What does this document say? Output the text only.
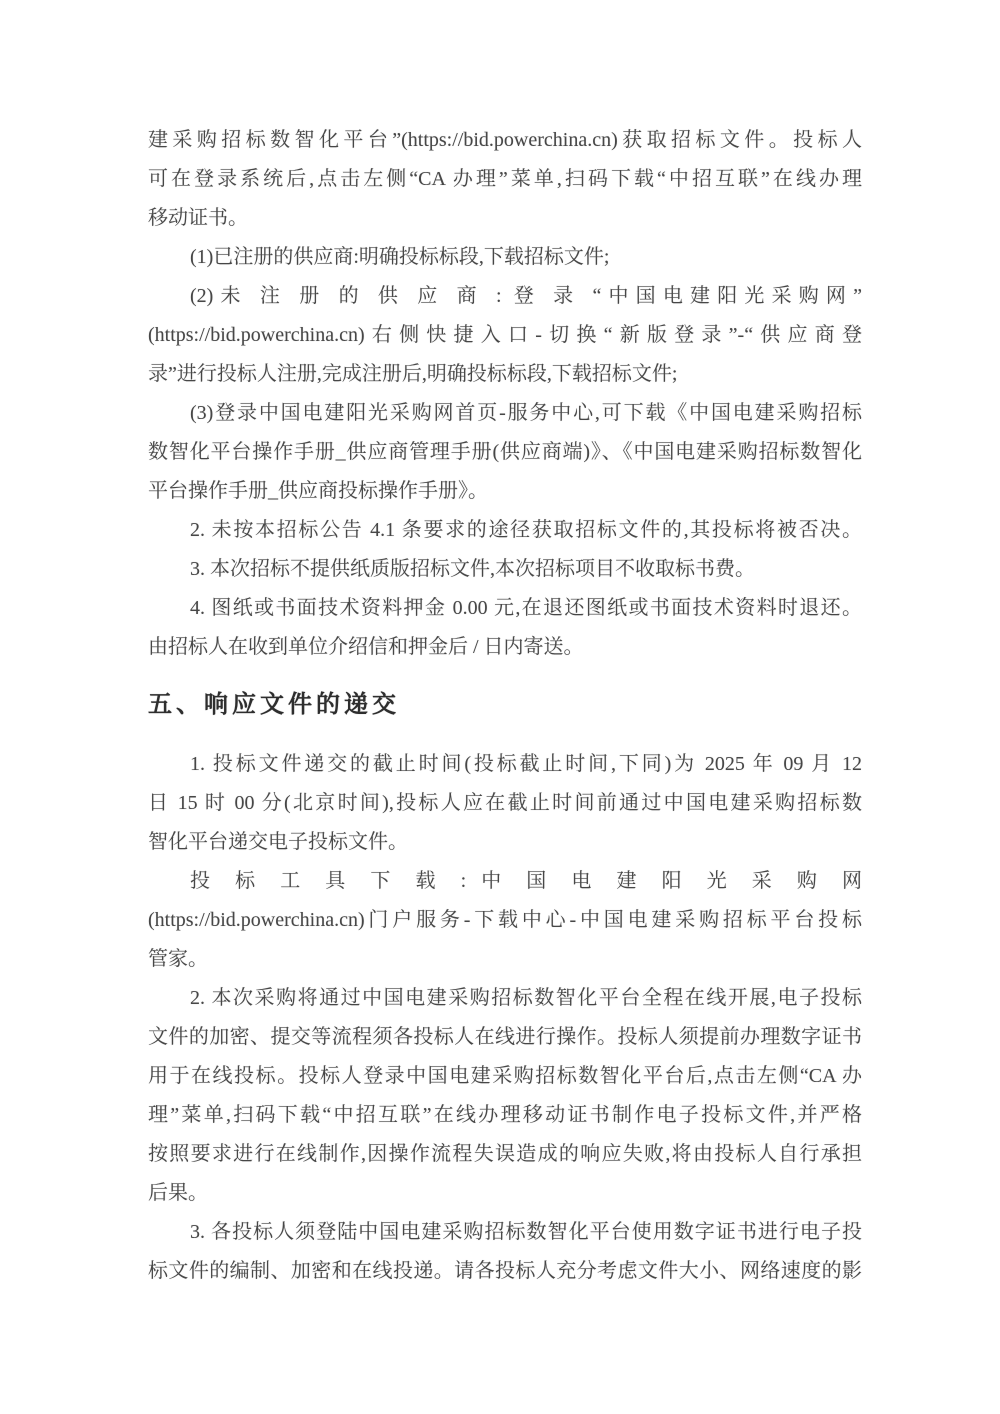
建采购招标数智化平台”(https://bid.powerchina.cn)获取招标文件。投标人
可在登录系统后,点击左侧“CA 办理”菜单,扫码下载“中招互联”在线办理
移动证书。
(1)已注册的供应商:明确投标标段,下载招标文件;
(2)未 注 册 的 供 应 商 : 登 录 “中国电建阳光采购网”
(https://bid.powerchina.cn)右侧快捷入口-切换“新版登录”-“供应商登
录”进行投标人注册,完成注册后,明确投标标段,下载招标文件;
(3)登录中国电建阳光采购网首页-服务中心,可下载《中国电建采购招标
数智化平台操作手册_供应商管理手册(供应商端)》、《中国电建采购招标数智化
平台操作手册_供应商投标操作手册》。
2. 未按本招标公告 4.1 条要求的途径获取招标文件的,其投标将被否决。
3. 本次招标不提供纸质版招标文件,本次招标项目不收取标书费。
4. 图纸或书面技术资料押金 0.00 元,在退还图纸或书面技术资料时退还。
由招标人在收到单位介绍信和押金后 / 日内寄送。
五、响应文件的递交
1. 投标文件递交的截止时间(投标截止时间,下同)为 2025 年 09 月 12
日 15 时 00 分(北京时间),投标人应在截止时间前通过中国电建采购招标数
智化平台递交电子投标文件。
投 标 工 具 下 载 : 中 国 电 建 阳 光 采 购 网
(https://bid.powerchina.cn)门户服务-下载中心-中国电建采购招标平台投标
管家。
2. 本次采购将通过中国电建采购招标数智化平台全程在线开展,电子投标
文件的加密、提交等流程须各投标人在线进行操作。投标人须提前办理数字证书
用于在线投标。投标人登录中国电建采购招标数智化平台后,点击左侧“CA 办
理”菜单,扫码下载“中招互联”在线办理移动证书制作电子投标文件,并严格
按照要求进行在线制作,因操作流程失误造成的响应失败,将由投标人自行承担
后果。
3. 各投标人须登陆中国电建采购招标数智化平台使用数字证书进行电子投
标文件的编制、加密和在线投递。请各投标人充分考虑文件大小、网络速度的影
